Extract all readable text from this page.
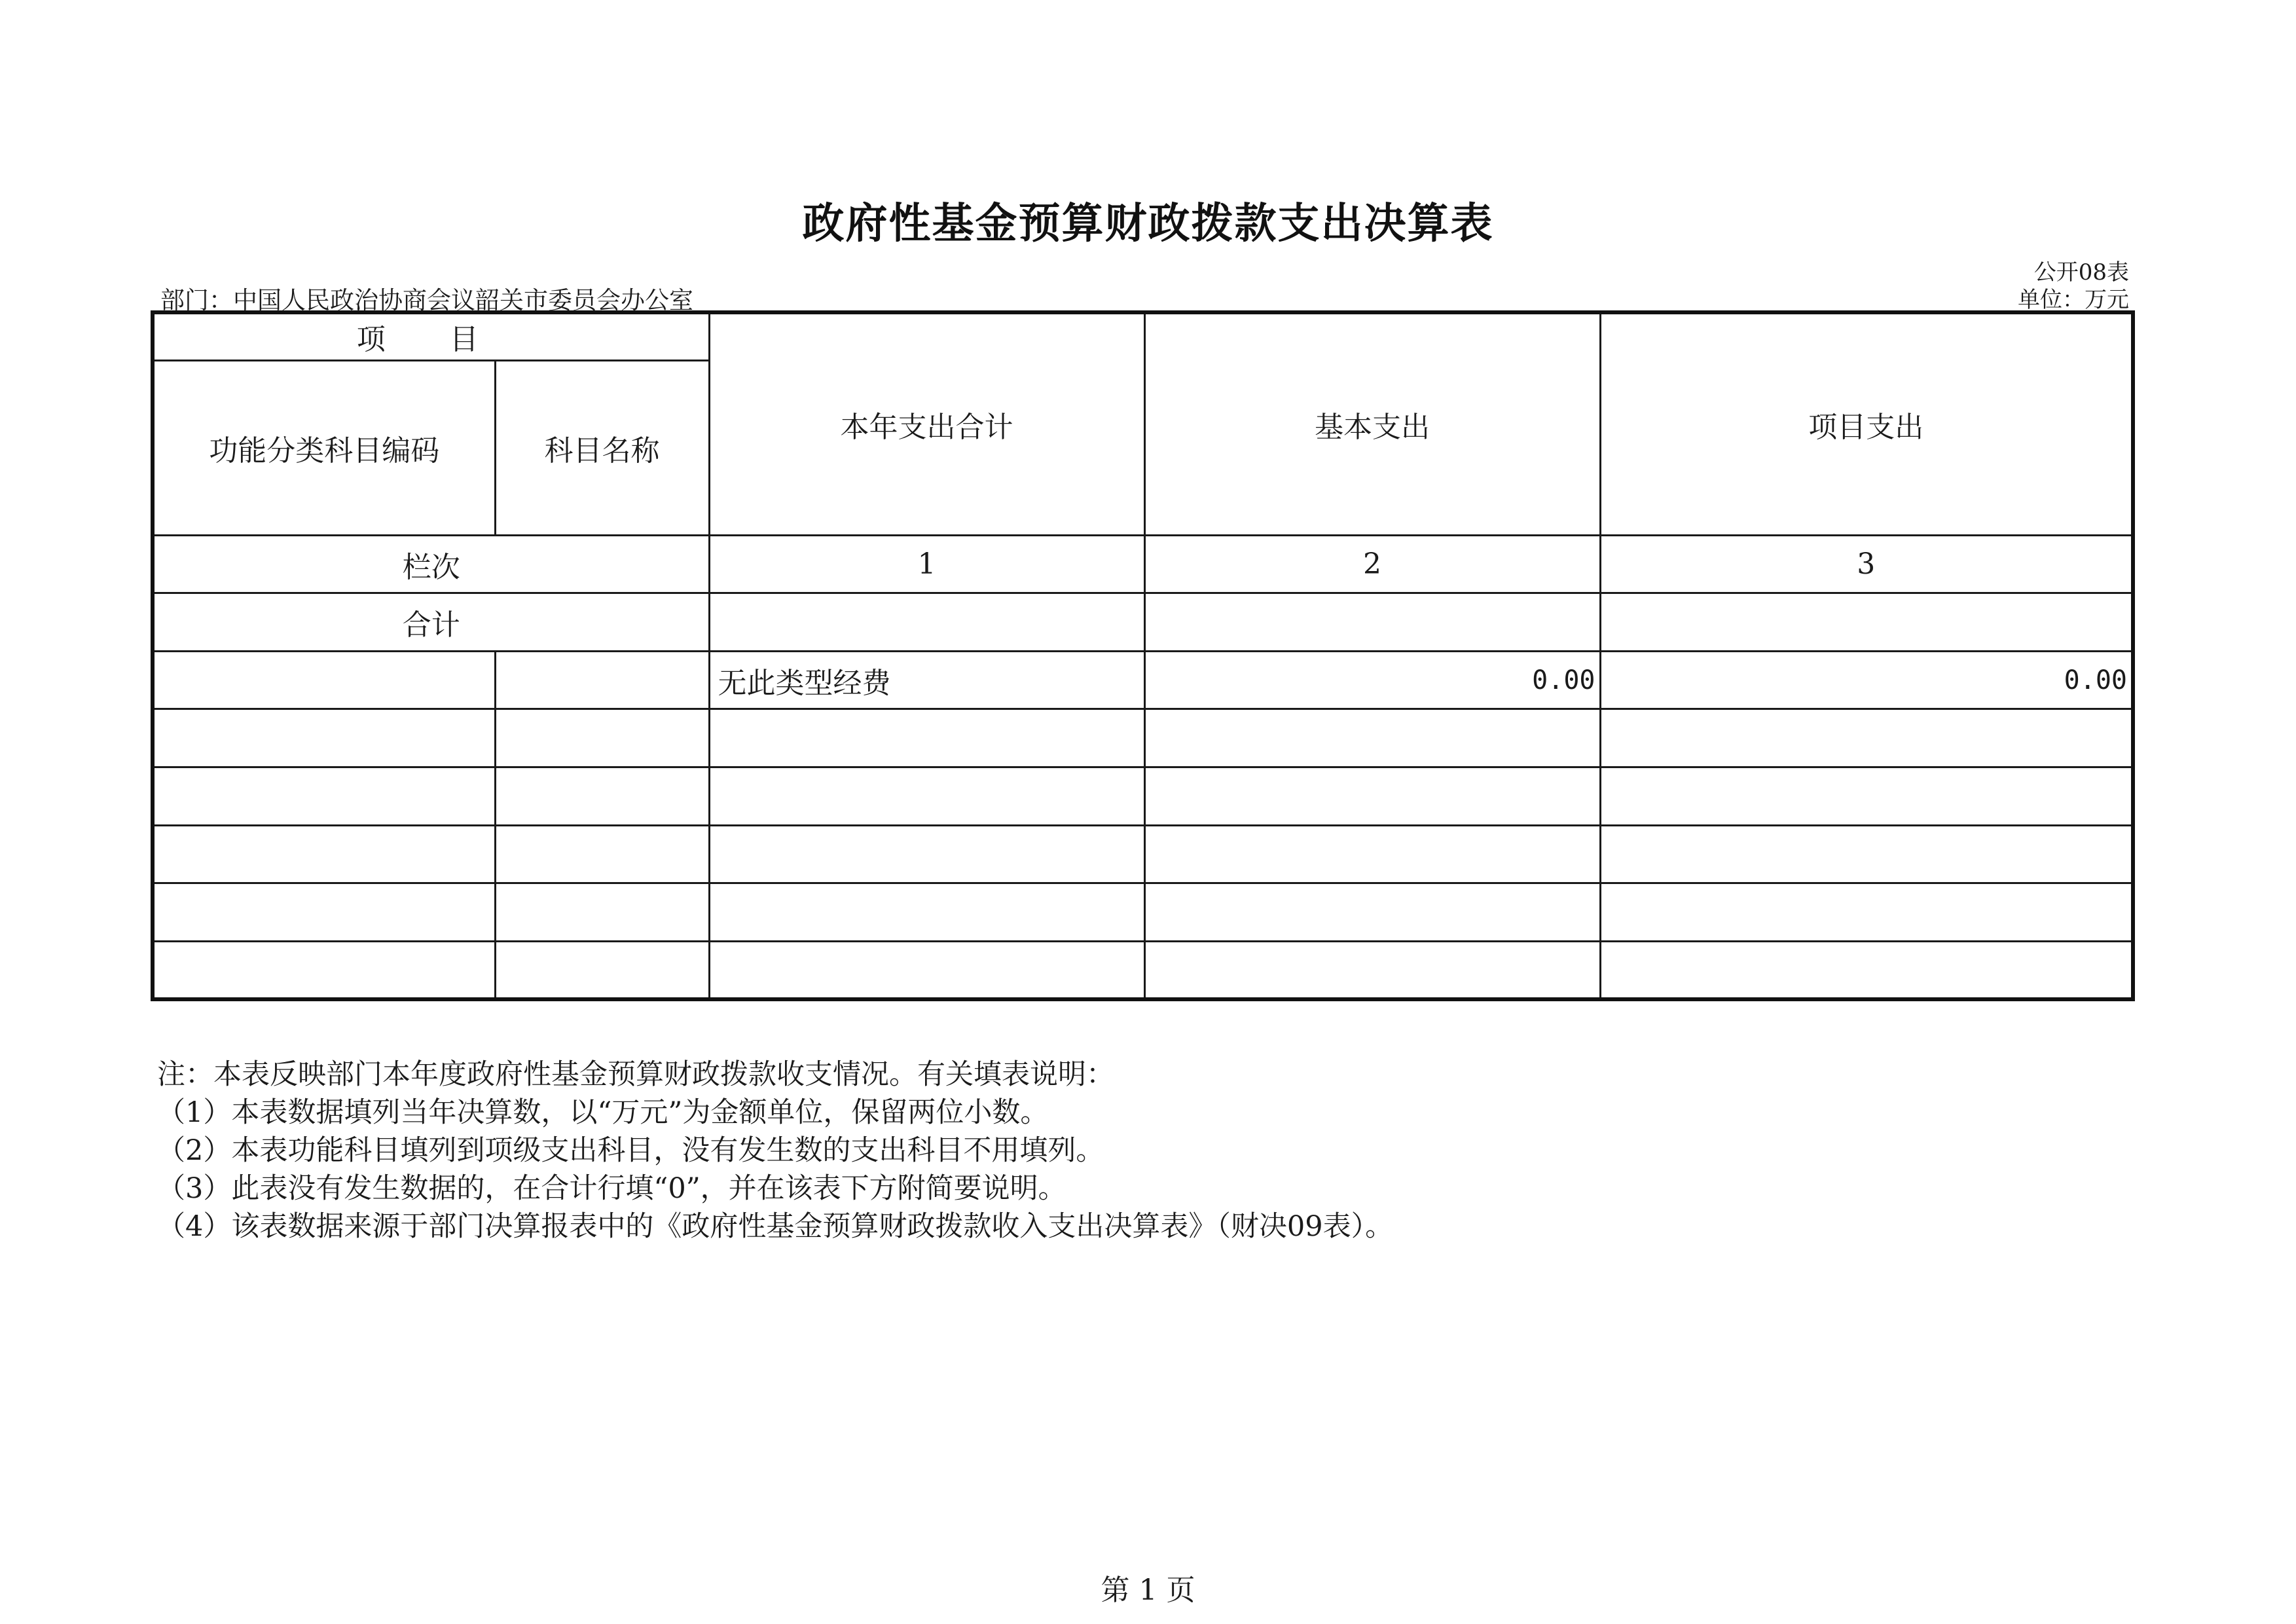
政府性基金预算财政拨款支出决算表
公开08表
部门：中国人民政治协商会议韶关市委员会办公室	单位：万元
项 目		本年支出合计	基本支出	项目支出
功能分类科目编码	科目名称			
栏次		1	2	3
合计				
		无此类型经费	0.00	0.00

注：本表反映部门本年度政府性基金预算财政拨款收支情况。有关填表说明：
（1）本表数据填列当年决算数，以“万元”为金额单位，保留两位小数。
（2）本表功能科目填列到项级支出科目，没有发生数的支出科目不用填列。
（3）此表没有发生数据的，在合计行填“0”，并在该表下方附简要说明。
（4）该表数据来源于部门决算报表中的《政府性基金预算财政拨款收入支出决算表》（财决09表）。
第 1 页
